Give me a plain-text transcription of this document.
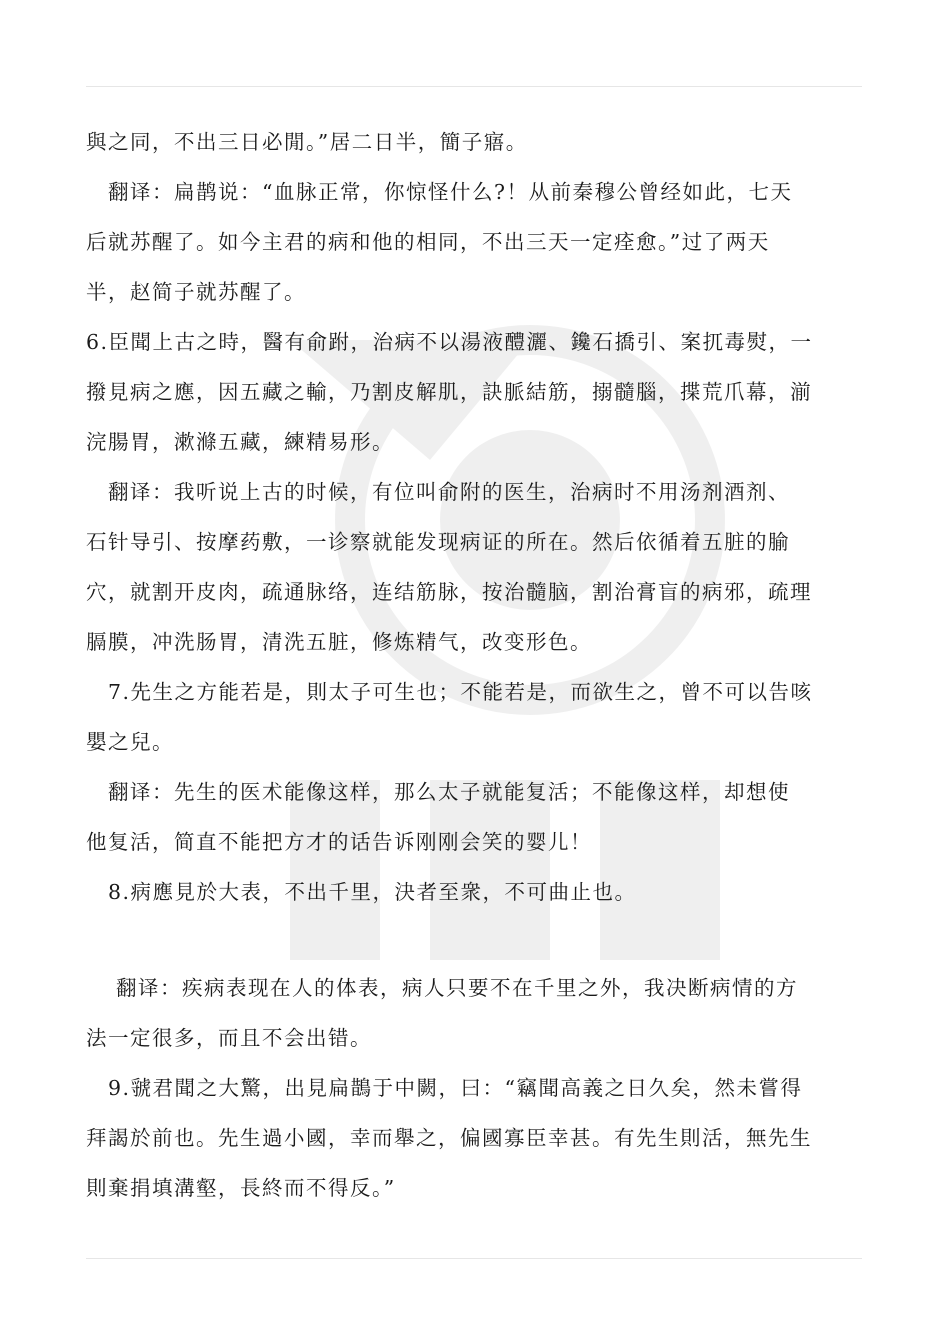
與之同，不出三日必閒。”居二日半，簡子寤。
　翻译：扁鹊说：“血脉正常，你惊怪什么?！从前秦穆公曾经如此，七天
后就苏醒了。如今主君的病和他的相同，不出三天一定痊愈。”过了两天
半，赵简子就苏醒了。
6.臣聞上古之時，醫有俞跗，治病不以湯液醴灑、鑱石撟引、案扤毒熨，一
撥見病之應，因五藏之輸，乃割皮解肌，訣脈結筋，搦髓腦，揲荒爪幕，湔
浣腸胃，漱滌五藏，練精易形。
　翻译：我听说上古的时候，有位叫俞附的医生，治病时不用汤剂酒剂、
石针导引、按摩药敷，一诊察就能发现病证的所在。然后依循着五脏的腧
穴，就割开皮肉，疏通脉络，连结筋脉，按治髓脑，割治膏盲的病邪，疏理
膈膜，冲洗肠胃，清洗五脏，修炼精气，改变形色。
　7.先生之方能若是，則太子可生也；不能若是，而欲生之，曾不可以告咳
嬰之兒。
　翻译：先生的医术能像这样，那么太子就能复活；不能像这样，却想使
他复活，简直不能把方才的话告诉刚刚会笑的婴儿！
　8.病應見於大表，不出千里，決者至衆，不可曲止也。
　 翻译：疾病表现在人的体表，病人只要不在千里之外，我决断病情的方
法一定很多，而且不会出错。
　9.虢君聞之大驚，出見扁鵲于中闕，曰：“竊聞高義之日久矣，然未嘗得
拜謁於前也。先生過小國，幸而舉之，偏國寡臣幸甚。有先生則活，無先生
則棄捐填溝壑，長終而不得反。”
